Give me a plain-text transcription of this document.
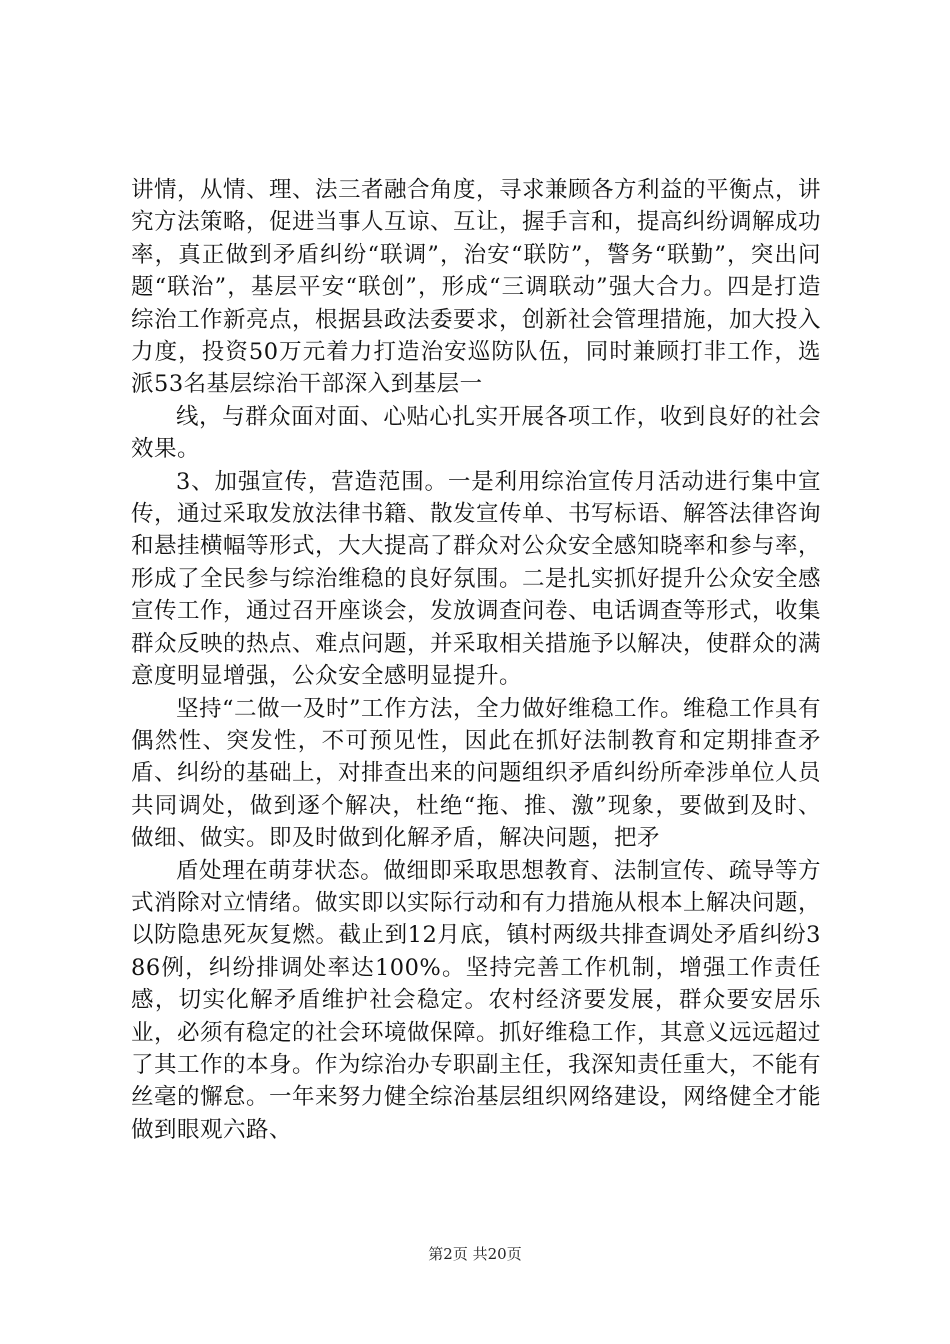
讲情，从情、理、法三者融合角度，寻求兼顾各方利益的平衡点，讲究方法策略，促进当事人互谅、互让，握手言和，提高纠纷调解成功率，真正做到矛盾纠纷“联调”，治安“联防”，警务“联勤”，突出问题“联治”，基层平安“联创”，形成“三调联动”强大合力。四是打造综治工作新亮点，根据县政法委要求，创新社会管理措施，加大投入力度，投资50万元着力打造治安巡防队伍，同时兼顾打非工作，选派53名基层综治干部深入到基层一

线，与群众面对面、心贴心扎实开展各项工作，收到良好的社会效果。

3、加强宣传，营造范围。一是利用综治宣传月活动进行集中宣传，通过采取发放法律书籍、散发宣传单、书写标语、解答法律咨询和悬挂横幅等形式，大大提高了群众对公众安全感知晓率和参与率，形成了全民参与综治维稳的良好氛围。二是扎实抓好提升公众安全感宣传工作，通过召开座谈会，发放调查问卷、电话调查等形式，收集群众反映的热点、难点问题，并采取相关措施予以解决，使群众的满意度明显增强，公众安全感明显提升。

坚持“二做一及时”工作方法，全力做好维稳工作。维稳工作具有偶然性、突发性，不可预见性，因此在抓好法制教育和定期排查矛盾、纠纷的基础上，对排查出来的问题组织矛盾纠纷所牵涉单位人员共同调处，做到逐个解决，杜绝“拖、推、激”现象，要做到及时、做细、做实。即及时做到化解矛盾，解决问题，把矛

盾处理在萌芽状态。做细即采取思想教育、法制宣传、疏导等方式消除对立情绪。做实即以实际行动和有力措施从根本上解决问题，以防隐患死灰复燃。截止到12月底，镇村两级共排查调处矛盾纠纷386例，纠纷排调处率达100%。坚持完善工作机制，增强工作责任感，切实化解矛盾维护社会稳定。农村经济要发展，群众要安居乐业，必须有稳定的社会环境做保障。抓好维稳工作，其意义远远超过了其工作的本身。作为综治办专职副主任，我深知责任重大，不能有丝毫的懈怠。一年来努力健全综治基层组织网络建设，网络健全才能做到眼观六路、

第2页 共20页
